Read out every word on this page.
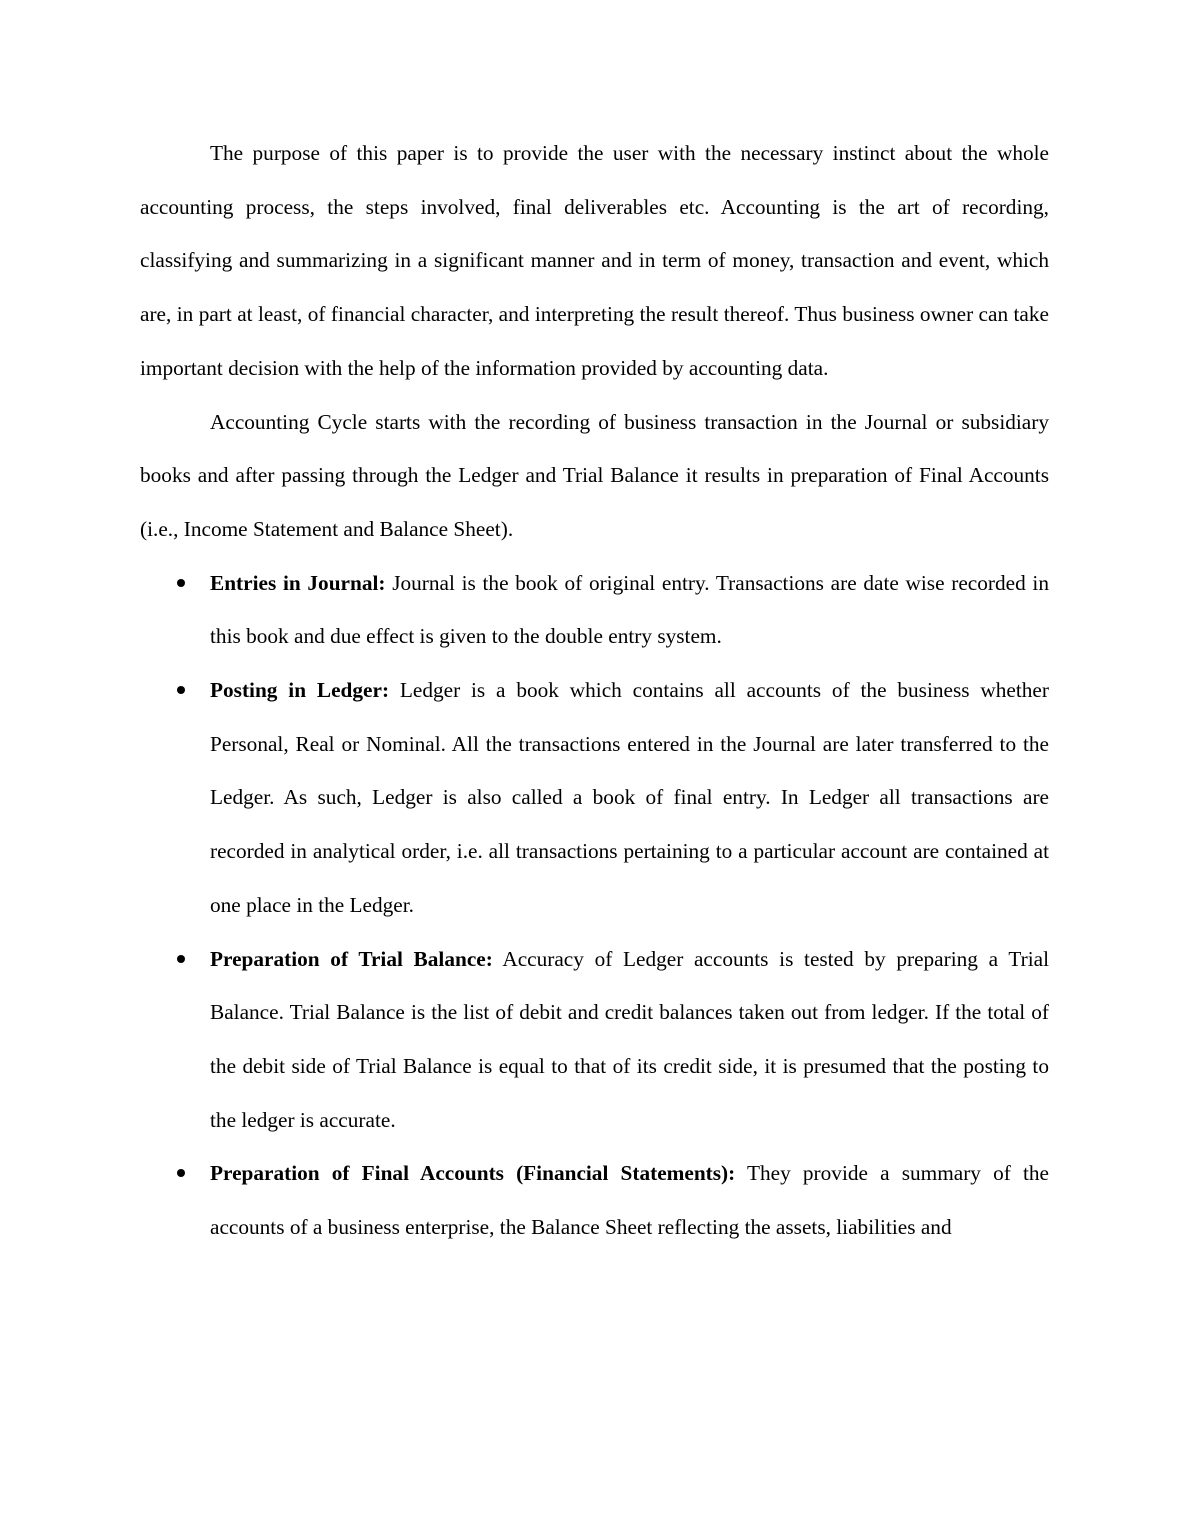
The purpose of this paper is to provide the user with the necessary instinct about the whole accounting process, the steps involved, final deliverables etc. Accounting is the art of recording, classifying and summarizing in a significant manner and in term of money, transaction and event, which are, in part at least, of financial character, and interpreting the result thereof. Thus business owner can take important decision with the help of the information provided by accounting data.

Accounting Cycle starts with the recording of business transaction in the Journal or subsidiary books and after passing through the Ledger and Trial Balance it results in preparation of Final Accounts (i.e., Income Statement and Balance Sheet).

Entries in Journal: Journal is the book of original entry. Transactions are date wise recorded in this book and due effect is given to the double entry system.
Posting in Ledger: Ledger is a book which contains all accounts of the business whether Personal, Real or Nominal. All the transactions entered in the Journal are later transferred to the Ledger. As such, Ledger is also called a book of final entry. In Ledger all transactions are recorded in analytical order, i.e. all transactions pertaining to a particular account are contained at one place in the Ledger.
Preparation of Trial Balance: Accuracy of Ledger accounts is tested by preparing a Trial Balance. Trial Balance is the list of debit and credit balances taken out from ledger. If the total of the debit side of Trial Balance is equal to that of its credit side, it is presumed that the posting to the ledger is accurate.
Preparation of Final Accounts (Financial Statements): They provide a summary of the accounts of a business enterprise, the Balance Sheet reflecting the assets, liabilities and
